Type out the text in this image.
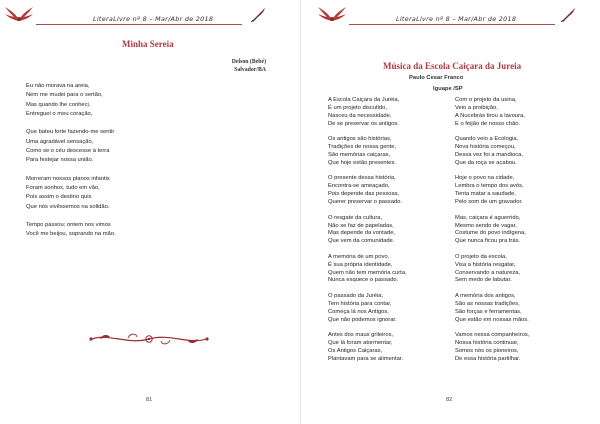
LiteraLivre nº 8 – Mar/Abr de 2018
Minha Sereia
Delson (Bebé)
Salvador/BA
Eu não morava na areia,
Nem me mudei para o sertão,
Mas quando lhe conheci,
Entreguei o meu coração,
Que bateu forte fazendo-me sentir
Uma agradável sensação,
Como se o céu descesse à terra
Para festejar nossa união.
Morreram nossos planos infantis
Foram sonhos, tudo em vão,
Pois assim o destino quis
Que nós vivêssemos na solidão.
Tempo passou; ontem nos vimos
Você me beijou, soprando na mão.
81
LiteraLivre nº 8 – Mar/Abr de 2018
Música da Escola Caiçara da Jureia
Paulo Cesar Franco
Iguape /SP
A Escola Caiçara da Juréia,
É um projeto discutido,
Nasceu da necessidade,
De se preservar os antigos.
Os antigos são histórias,
Tradições de nossa gente,
São memórias caiçaras,
Que hoje estão presentes.
O presente dessa história,
Encontra-se ameaçado,
Pois depende das pessoas,
Querer preservar o passado.
O resgate da cultura,
Não se faz de papeladas,
Mas depende da vontade,
Que vem da comunidade.
A memória de um povo,
É sua própria identidade,
Quem não tem memória curta,
Nunca esquece o passado.
O passado da Juréia,
Tem história para contar,
Começa lá nos Antigos,
Que não podemos ignorar.
Antes dos maus grileiros,
Que lá foram atormentar,
Os Antigos Caiçaras,
Plantavam para se alimentar.
Com o projeto da usina,
Veio a proibição,
A Nucebrás tirou a lavoura,
E o feijão de nosso chão.
Quando veio a Ecologia,
Nova história começou,
Dessa vez foi a mandioca,
Que da roça se acabou.
Hoje o povo na cidade,
Lembra o tempo dos avós,
Tenta matar a saudade,
Pelo som de um gravador.
Mas, caiçara é aguerrido,
Mesmo sendo de vagar,
Costume do povo indígena,
Que nunca ficou pra trás.
O projeto da escola,
Visa a história resgatar,
Conservando a natureza,
Sem medo de labutar.
A memória dos antigos,
São as nossas tradições,
São forças e ferramentas,
Que estão em nossas mãos.
Vamos nessa companheiros,
Nossa história continuar,
Somos nós os pioneiros,
De essa história partilhar.
82
